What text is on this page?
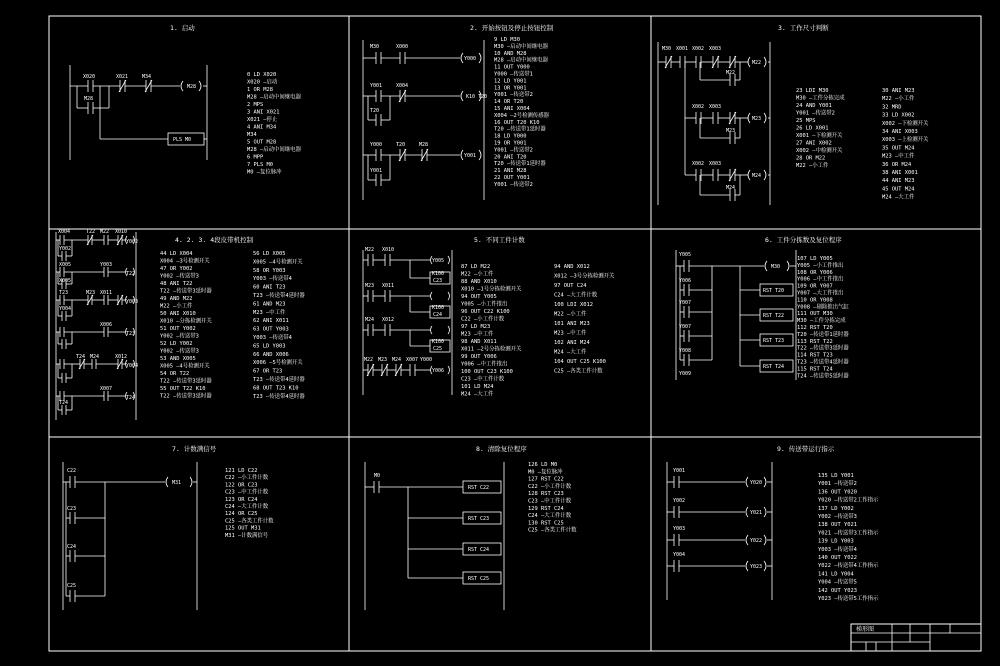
1. 启动	2. 开始按钮及停止按钮控制	3. 工作尺寸判断
4. 2. 3. 4段皮带机控制	5. 不同工件计数	6. 工件分拣数及复位程序
7. 计数满信号	8. 清除复位程序	9. 传送带运行指示
X020	X021	M34
M28
M28
PLS M0
0 LD X020
X020 —启动
1 OR M28
M28 —启动中间继电器
2 MPS
3 ANI X021
X021 —停止
4 ANI M34
M34
5 OUT M28
M28 —启动中间继电器
6 MPP
7 PLS M0
M0 —复位脉冲
M30	X000
Y001	X004
T20
Y000	T20	M28
Y001
Y000
K10 T20
Y001
9 LD M30
M30 —启动中间继电器
10 AND M28
M28 —启动中间继电器
11 OUT Y000
Y000 —传送带1
12 LD Y001
13 OR Y001
Y001 —传送带2
14 OR T20
15 ANI X004
X004 —2号检测传感器
16 OUT T20 K10
T20 —传送带1延时器
18 LD Y000
19 OR Y001
Y001 —传送带2
20 ANI T20
T20 —传送带1延时器
21 ANI M28
22 OUT Y001
Y001 —传送带2
M30 X001 X002 X003
X002 X003
X002 X003
M22
M23
M24
M22
M23
M24
23 LDI M30
M30 —工件分拣完成
24 AND Y001
Y001 —传送带2
25 MPS
26 LD X001
X001 —下检测开关
27 ANI X002
X002 —中检测开关
28 OR M22
M22 —小工件
30 ANI M23
M22 —小工件
32 MRD
33 LD X002
X002 —下检测开关
34 ANI X003
X003 —上检测开关
35 OUT M24
M23 —中工件
36 OR M24
38 ANI X001
44 ANI M23
45 OUT M24
M24 —大工件
X004	T22 M22 X010
Y002
X005	Y003
X005
T23	M23 X011
Y004
X006
T24 M24	X012
X007
T24
Y002
T22
Y003
T23
Y004
T24
44 LD X004
X004 —3号检测开关
47 OR Y002
Y002 —传送带3
48 ANI T22
T22 —传送带3延时器
49 AND M22
M22 —小工件
50 ANI X010
X010 —分拣检测开关
51 OUT Y002
Y002 —传送带3
52 LD Y002
Y002 —传送带3
53 AND X005
X005 —4号检测开关
54 OR T22
T22 —传送带3延时器
55 OUT T22 K10
T22 —传送带3延时器
56 LD X005
X005 —4号检测开关
58 OR Y003
Y003 —传送带4
60 ANI T23
T23 —传送带4延时器
61 AND M23
M23 —中工件
62 ANI X011
63 OUT Y003
Y003 —传送带4
65 LD Y003
66 AND X006
X006 —5号检测开关
67 OR T23
T23 —传送带4延时器
68 OUT T23 K10
T23 —传送带4延时器
M22 X010
M23 X011
M24 X012
M22 M23 M24 X007 Y000
Y005
K100
C23
K100
C24
K100
C25
Y006
87 LD M22
M22 —小工件
88 AND X010
X010 —1号分拣检测开关
94 OUT Y005
Y005 —小工件推出
96 OUT C22 K100
C22 —小工件计数
97 LD M23
M23 —中工件
98 AND X011
X011 —2号分拣检测开关
99 OUT Y006
Y006 —中工件推出
100 OUT C23 K100
C23 —中工件计数
101 LD M24
M24 —大工件
94 AND X012
X012 —3号分拣检测开关
97 OUT C24
C24 —大工件计数
100 LDI X012
M22 —小工件
101 ANI M23
M23 —中工件
102 ANI M24
M24 —大工件
104 OUT C25 K100
C25 —各类工件计数
Y005
Y006
Y007
Y007
Y008
Y009
M30
RST T20
RST T22
RST T23
RST T24
107 LD Y005
Y005 —小工件推出
108 OR Y006
Y006 —中工件推出
109 OR Y007
Y007 —大工件推出
110 OR Y008
Y008 —剔除推出气缸
111 OUT M30
M30 —工件分拣完成
112 RST T20
T20 —传送带1延时器
113 RST T22
T22 —传送带3延时器
114 RST T23
T23 —传送带4延时器
115 RST T24
T24 —传送带5延时器
C22
C23
C24
C25
M31
121 LD C22
C22 —小工件计数
122 OR C23
C23 —中工件计数
123 OR C24
C24 —大工件计数
124 OR C25
C25 —各类工件计数
125 OUT M31
M31 —计数满信号
M0
RST C22
RST C23
RST C24
RST C25
126 LD M0
M0 —复位脉冲
127 RST C22
C22 —小工件计数
128 RST C23
C23 —中工件计数
129 RST C24
C24 —大工件计数
130 RST C25
C25 —各类工件计数
Y001
Y002
Y003
Y004
Y020
Y021
Y022
Y023
135 LD Y001
Y001 —传送带2
136 OUT Y020
Y020 —传送带2工作指示
137 LD Y002
Y002 —传送带3
138 OUT Y021
Y021 —传送带3工作指示
139 LD Y003
Y003 —传送带4
140 OUT Y022
Y022 —传送带4工作指示
141 LD Y004
Y004 —传送带5
142 OUT Y023
Y023 —传送带5工作指示
梯形图
